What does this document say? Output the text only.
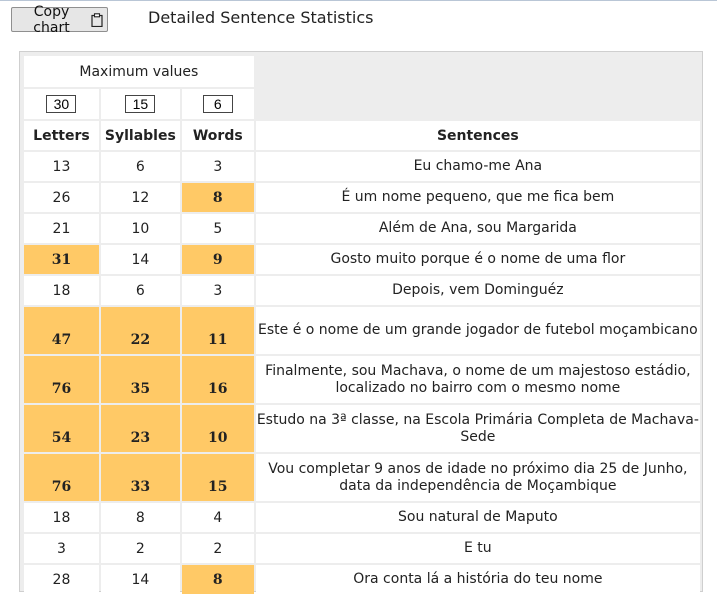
Copy chart
Detailed Sentence Statistics
Maximum values			
30	15	6
Letters	Syllables	Words	Sentences
13	6	3	Eu chamo-me Ana
26	12	8	É um nome pequeno, que me fica bem
21	10	5	Além de Ana, sou Margarida
31	14	9	Gosto muito porque é o nome de uma flor
18	6	3	Depois, vem Dominguéz
47	22	11	Este é o nome de um grande jogador de futebol moçambicano
76	35	16	Finalmente, sou Machava, o nome de um majestoso estádio, localizado no bairro com o mesmo nome
54	23	10	Estudo na 3ª classe, na Escola Primária Completa de Machava-Sede
76	33	15	Vou completar 9 anos de idade no próximo dia 25 de Junho, data da independência de Moçambique
18	8	4	Sou natural de Maputo
3	2	2	E tu
28	14	8	Ora conta lá a história do teu nome
